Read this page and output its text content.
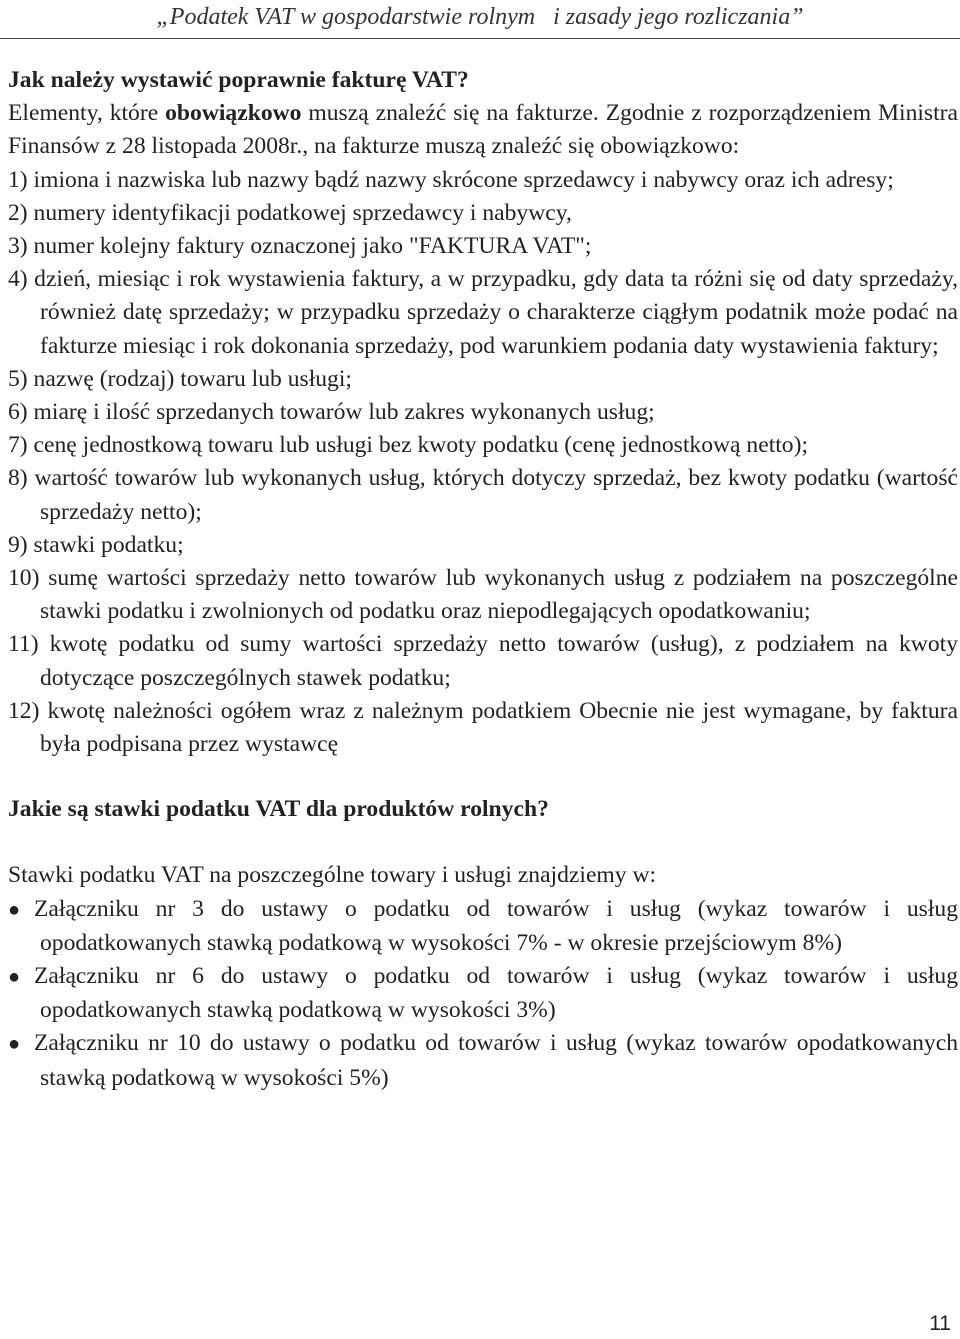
„Podatek VAT w gospodarstwie rolnym   i zasady jego rozliczania”

Jak należy wystawić poprawnie fakturę VAT?

Elementy, które obowiązkowo muszą znaleźć się na fakturze. Zgodnie z rozporządzeniem Ministra Finansów z 28 listopada 2008r., na fakturze muszą znaleźć się obowiązkowo:

1) imiona i nazwiska lub nazwy bądź nazwy skrócone sprzedawcy i nabywcy oraz ich adresy;

2) numery identyfikacji podatkowej sprzedawcy i nabywcy,

3) numer kolejny faktury oznaczonej jako "FAKTURA VAT";

4) dzień, miesiąc i rok wystawienia faktury, a w przypadku, gdy data ta różni się od daty sprzedaży, również datę sprzedaży; w przypadku sprzedaży o charakterze ciągłym podatnik może podać na fakturze miesiąc i rok dokonania sprzedaży, pod warunkiem podania daty wystawienia faktury;

5) nazwę (rodzaj) towaru lub usługi;

6) miarę i ilość sprzedanych towarów lub zakres wykonanych usług;

7) cenę jednostkową towaru lub usługi bez kwoty podatku (cenę jednostkową netto);

8) wartość towarów lub wykonanych usług, których dotyczy sprzedaż, bez kwoty podatku (wartość sprzedaży netto);

9) stawki podatku;

10) sumę wartości sprzedaży netto towarów lub wykonanych usług z podziałem na poszczególne stawki podatku i zwolnionych od podatku oraz niepodlegających opodatkowaniu;

11) kwotę podatku od sumy wartości sprzedaży netto towarów (usług), z podziałem na kwoty dotyczące poszczególnych stawek podatku;

12) kwotę należności ogółem wraz z należnym podatkiem Obecnie nie jest wymagane, by faktura była podpisana przez wystawcę

Jakie są stawki podatku VAT dla produktów rolnych?

Stawki podatku VAT na poszczególne towary i usługi znajdziemy w:

● Załączniku nr 3 do ustawy o podatku od towarów i usług (wykaz towarów i usług opodatkowanych stawką podatkową w wysokości 7% - w okresie przejściowym 8%)

● Załączniku nr 6 do ustawy o podatku od towarów i usług (wykaz towarów i usług opodatkowanych stawką podatkową w wysokości 3%)

● Załączniku nr 10 do ustawy o podatku od towarów i usług (wykaz towarów opodatkowanych stawką podatkową w wysokości 5%)

11
